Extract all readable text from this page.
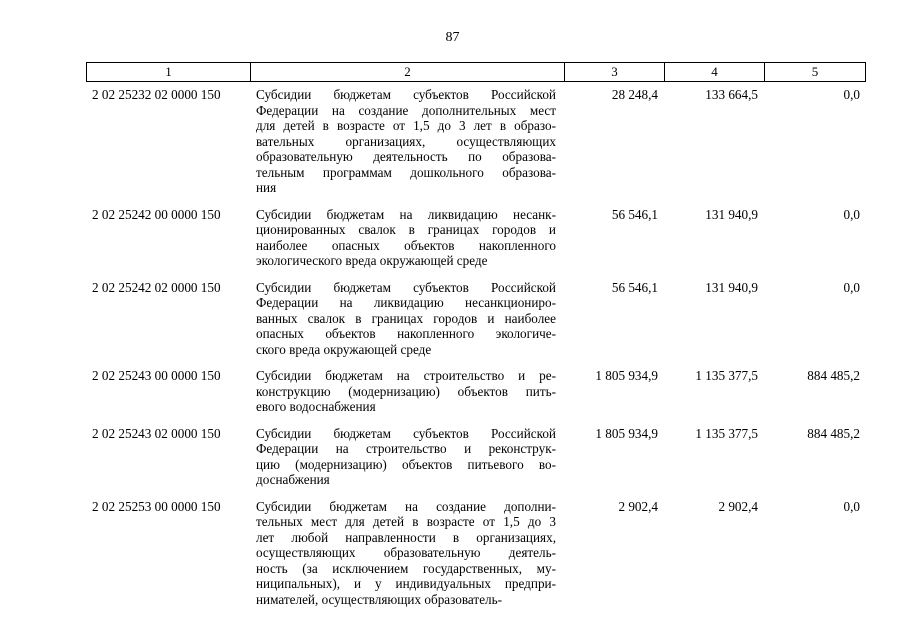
87
1	2	3	4	5
2 02 25232 02 0000 150	Субсидии бюджетам субъектов Российской
Федерации на создание дополнительных мест
для детей в возрасте от 1,5 до 3 лет в образо-
вательных организациях, осуществляющих
образовательную деятельность по образова-
тельным программам дошкольного образова-
ния
28 248,4	133 664,5	0,0
2 02 25242 00 0000 150	Субсидии бюджетам на ликвидацию несанк-
ционированных свалок в границах городов и
наиболее опасных объектов накопленного
экологического вреда окружающей среде
56 546,1	131 940,9	0,0
2 02 25242 02 0000 150	Субсидии бюджетам субъектов Российской
Федерации на ликвидацию несанкциониро-
ванных свалок в границах городов и наиболее
опасных объектов накопленного экологиче-
ского вреда окружающей среде
56 546,1	131 940,9	0,0
2 02 25243 00 0000 150	Субсидии бюджетам на строительство и ре-
конструкцию (модернизацию) объектов пить-
евого водоснабжения
1 805 934,9	1 135 377,5	884 485,2
2 02 25243 02 0000 150	Субсидии бюджетам субъектов Российской
Федерации на строительство и реконструк-
цию (модернизацию) объектов питьевого во-
доснабжения
1 805 934,9	1 135 377,5	884 485,2
2 02 25253 00 0000 150	Субсидии бюджетам на создание дополни-
тельных мест для детей в возрасте от 1,5 до 3
лет любой направленности в организациях,
осуществляющих образовательную деятель-
ность (за исключением государственных, му-
ниципальных), и у индивидуальных предпри-
нимателей, осуществляющих образователь-
2 902,4	2 902,4	0,0
